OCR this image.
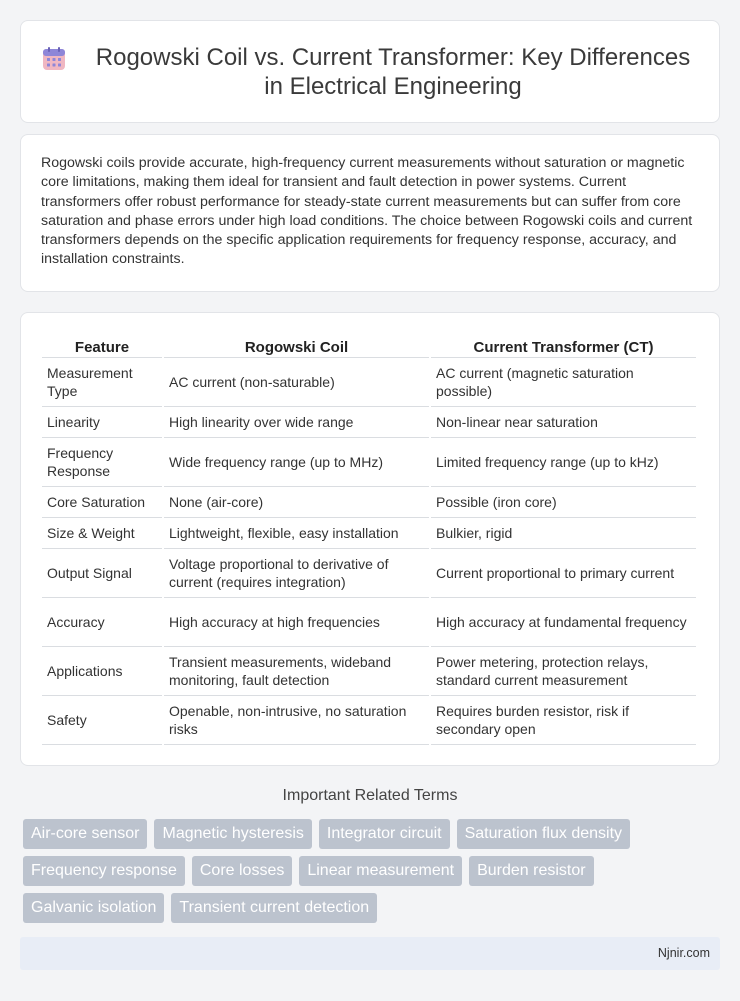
Rogowski Coil vs. Current Transformer: Key Differences in Electrical Engineering

Rogowski coils provide accurate, high-frequency current measurements without saturation or magnetic core limitations, making them ideal for transient and fault detection in power systems. Current transformers offer robust performance for steady-state current measurements but can suffer from core saturation and phase errors under high load conditions. The choice between Rogowski coils and current transformers depends on the specific application requirements for frequency response, accuracy, and installation constraints.

Feature	Rogowski Coil	Current Transformer (CT)
Measurement Type	AC current (non-saturable)	AC current (magnetic saturation possible)
Linearity	High linearity over wide range	Non-linear near saturation
Frequency Response	Wide frequency range (up to MHz)	Limited frequency range (up to kHz)
Core Saturation	None (air-core)	Possible (iron core)
Size & Weight	Lightweight, flexible, easy installation	Bulkier, rigid
Output Signal	Voltage proportional to derivative of current (requires integration)	Current proportional to primary current
Accuracy	High accuracy at high frequencies	High accuracy at fundamental frequency
Applications	Transient measurements, wideband monitoring, fault detection	Power metering, protection relays, standard current measurement
Safety	Openable, non-intrusive, no saturation risks	Requires burden resistor, risk if secondary open
Important Related Terms
Air-core sensor	Magnetic hysteresis	Integrator circuit	Saturation flux density
Frequency response	Core losses	Linear measurement	Burden resistor
Galvanic isolation	Transient current detection
Njnir.com
